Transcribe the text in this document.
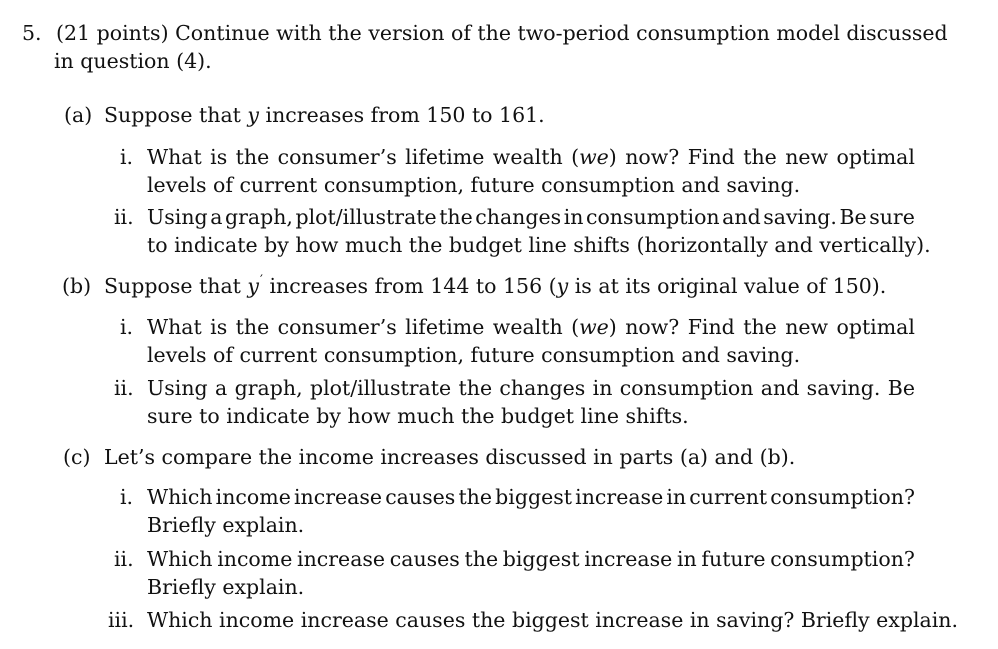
5. (21 points) Continue with the version of the two-period consumption model discussed
in question (4).
(a) Suppose that y increases from 150 to 161.
i. What is the consumer’s lifetime wealth (we) now? Find the new optimal
levels of current consumption, future consumption and saving.
ii. Using a graph, plot/illustrate the changes in consumption and saving. Be sure
to indicate by how much the budget line shifts (horizontally and vertically).
(b) Suppose that y′ increases from 144 to 156 (y is at its original value of 150).
i. What is the consumer’s lifetime wealth (we) now? Find the new optimal
levels of current consumption, future consumption and saving.
ii. Using a graph, plot/illustrate the changes in consumption and saving. Be
sure to indicate by how much the budget line shifts.
(c) Let’s compare the income increases discussed in parts (a) and (b).
i. Which income increase causes the biggest increase in current consumption?
Briefly explain.
ii. Which income increase causes the biggest increase in future consumption?
Briefly explain.
iii. Which income increase causes the biggest increase in saving? Briefly explain.
